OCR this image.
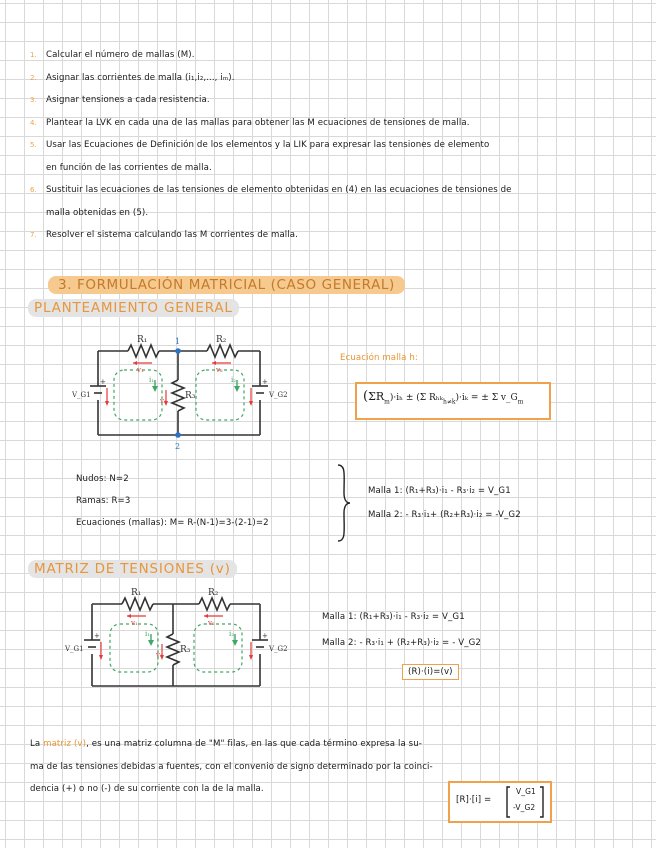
1. Calcular el número de mallas (M).
2. Asignar las corrientes de malla (i₁,i₂,..., iₘ).
3. Asignar tensiones a cada resistencia.
4. Plantear la LVK en cada una de las mallas para obtener las M ecuaciones de tensiones de malla.
5. Usar las Ecuaciones de Definición de los elementos y la LIK para expresar las tensiones de elemento
en función de las corrientes de malla.
6. Sustituir las ecuaciones de las tensiones de elemento obtenidas en (4) en las ecuaciones de tensiones de
malla obtenidas en (5).
7. Resolver el sistema calculando las M corrientes de malla.
3. FORMULACIÓN MATRICIAL (CASO GENERAL)
PLANTEAMIENTO GENERAL
R₁	R₂
R₃
V_G1	V_G2
v₁	v₂
v₃
i₁	i₂
1
2
+	+
Ecuación malla h:
$(\Sigma R_m)\cdot i_h \pm (\Sigma$ Rₕₖ$_{h\ne k}$)·iₖ = ± Σ $v\_G_m$
Nudos: N=2
Ramas: R=3
Ecuaciones (mallas): M= R-(N-1)=3-(2-1)=2
Malla 1: (R₁+R₃)·i₁ - R₃·i₂ = V_G1
Malla 2: - R₃·i₁+ (R₂+R₃)·i₂ = -V_G2
MATRIZ DE TENSIONES (v)
R₁	R₂
R₃
V_G1	V_G2
v₁	v₂
v₃
i₁	i₂
+	+
Malla 1: (R₁+R₃)·i₁ - R₃·i₂ = V_G1
Malla 2: - R₃·i₁ + (R₂+R₃)·i₂ = - V_G2
(R)·(i)=(v)
La matriz (v), es una matriz columna de "M" filas, en las que cada término expresa la su-
ma de las tensiones debidas a fuentes, con el convenio de signo determinado por la coinci-
dencia (+) o no (-) de su corriente con la de la malla.
[R]·[i] =
V_G1
-V_G2
